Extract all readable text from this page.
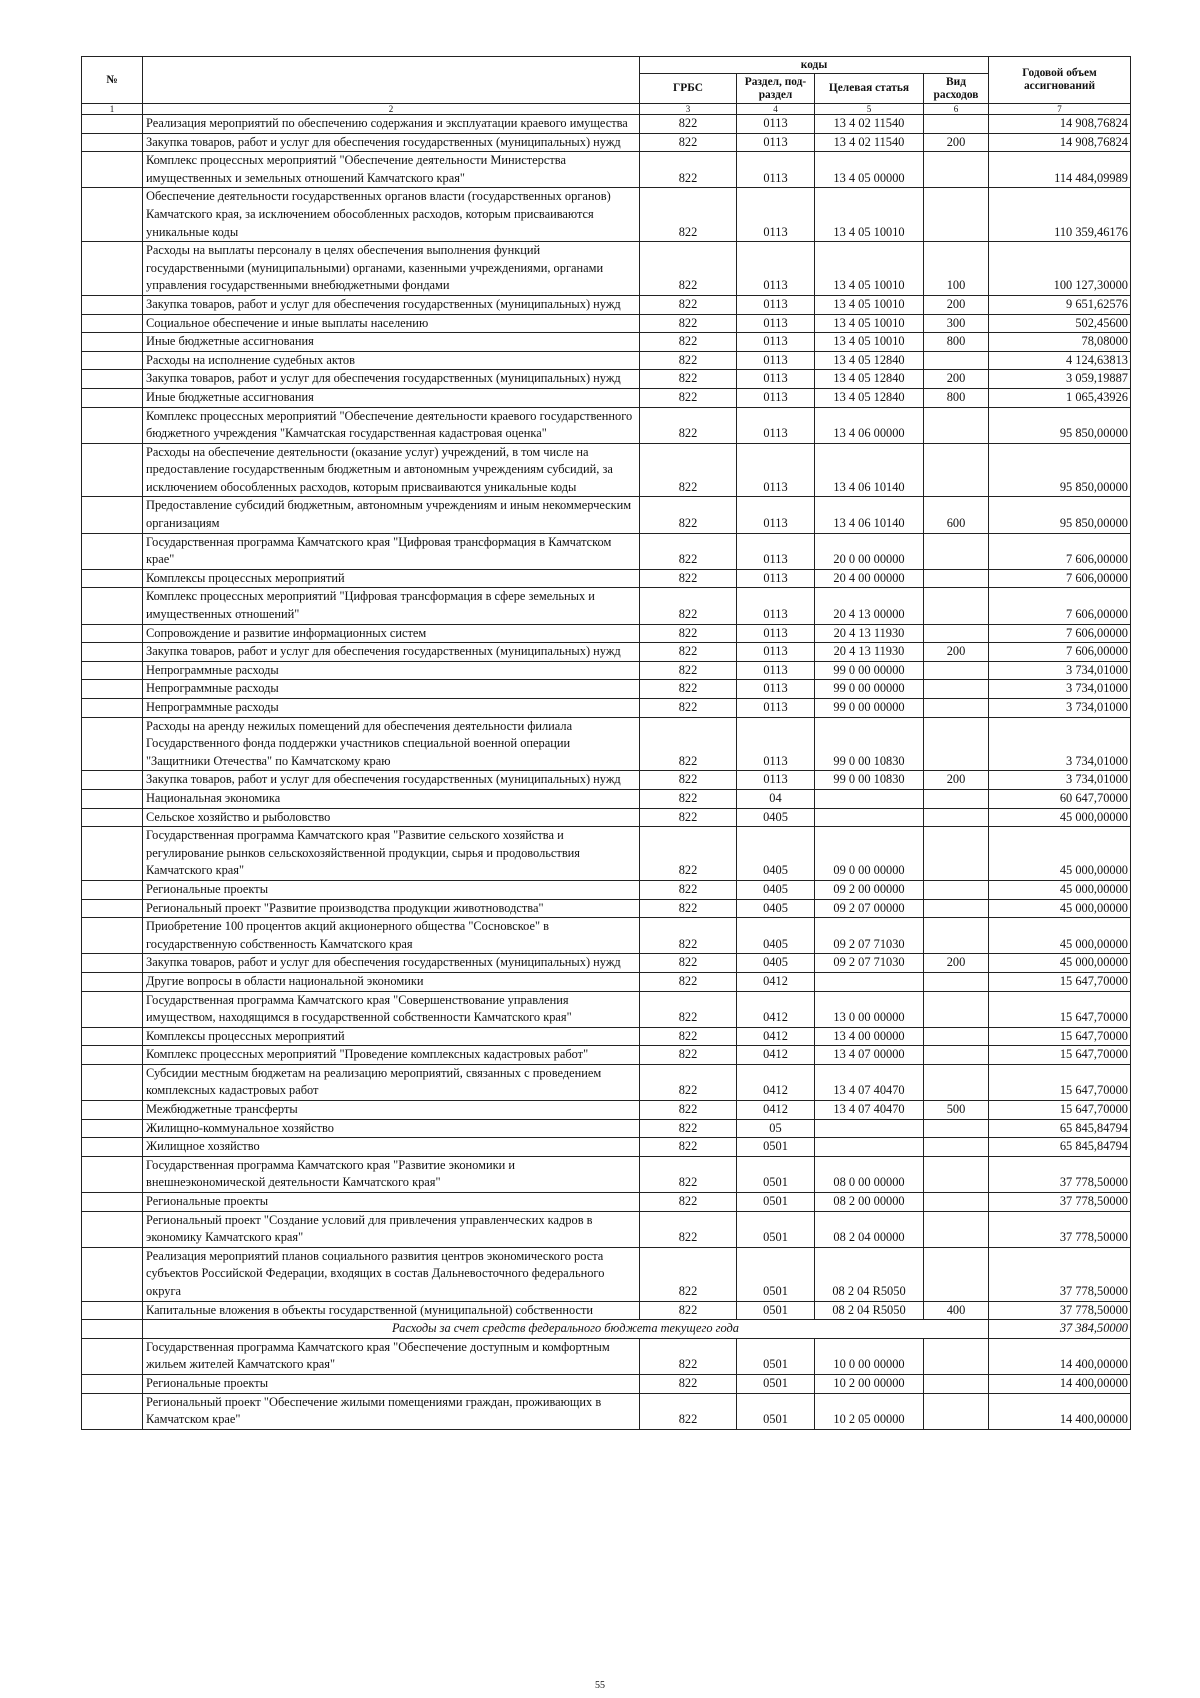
№		коды				Годовой объем ассигнований
		ГРБС	Раздел, под-раздел	Целевая статья	Вид расходов	
1	2	3	4	5	6	7
	Реализация мероприятий по обеспечению содержания и эксплуатации краевого имущества	822	0113	13 4 02 11540		14 908,76824
	Закупка товаров, работ и услуг для обеспечения государственных (муниципальных) нужд	822	0113	13 4 02 11540	200	14 908,76824
	Комплекс процессных мероприятий "Обеспечение деятельности Министерства имущественных и земельных отношений Камчатского края"	822	0113	13 4 05 00000		114 484,09989
	Обеспечение деятельности государственных органов власти (государственных органов) Камчатского края, за исключением обособленных расходов, которым присваиваются уникальные коды	822	0113	13 4 05 10010		110 359,46176
	Расходы на выплаты персоналу в целях обеспечения выполнения функций государственными (муниципальными) органами, казенными учреждениями, органами управления государственными внебюджетными фондами	822	0113	13 4 05 10010	100	100 127,30000
	Закупка товаров, работ и услуг для обеспечения государственных (муниципальных) нужд	822	0113	13 4 05 10010	200	9 651,62576
	Социальное обеспечение и иные выплаты населению	822	0113	13 4 05 10010	300	502,45600
	Иные бюджетные ассигнования	822	0113	13 4 05 10010	800	78,08000
	Расходы на исполнение судебных актов	822	0113	13 4 05 12840		4 124,63813
	Закупка товаров, работ и услуг для обеспечения государственных (муниципальных) нужд	822	0113	13 4 05 12840	200	3 059,19887
	Иные бюджетные ассигнования	822	0113	13 4 05 12840	800	1 065,43926
	Комплекс процессных мероприятий "Обеспечение деятельности краевого государственного бюджетного учреждения "Камчатская государственная кадастровая оценка"	822	0113	13 4 06 00000		95 850,00000
	Расходы на обеспечение деятельности (оказание услуг) учреждений, в том числе на предоставление государственным бюджетным и автономным учреждениям субсидий, за исключением обособленных расходов, которым присваиваются уникальные коды	822	0113	13 4 06 10140		95 850,00000
	Предоставление субсидий бюджетным, автономным учреждениям и иным некоммерческим организациям	822	0113	13 4 06 10140	600	95 850,00000
	Государственная программа Камчатского края "Цифровая трансформация в Камчатском крае"	822	0113	20 0 00 00000		7 606,00000
	Комплексы процессных мероприятий	822	0113	20 4 00 00000		7 606,00000
	Комплекс процессных мероприятий "Цифровая трансформация в сфере земельных и имущественных отношений"	822	0113	20 4 13 00000		7 606,00000
	Сопровождение и развитие информационных систем	822	0113	20 4 13 11930		7 606,00000
	Закупка товаров, работ и услуг для обеспечения государственных (муниципальных) нужд	822	0113	20 4 13 11930	200	7 606,00000
	Непрограммные расходы	822	0113	99 0 00 00000		3 734,01000
	Непрограммные расходы	822	0113	99 0 00 00000		3 734,01000
	Непрограммные расходы	822	0113	99 0 00 00000		3 734,01000
	Расходы на аренду нежилых помещений для обеспечения деятельности филиала Государственного фонда поддержки участников специальной военной операции "Защитники Отечества" по Камчатскому краю	822	0113	99 0 00 10830		3 734,01000
	Закупка товаров, работ и услуг для обеспечения государственных (муниципальных) нужд	822	0113	99 0 00 10830	200	3 734,01000
	Национальная экономика	822	04			60 647,70000
	Сельское хозяйство и рыболовство	822	0405			45 000,00000
	Государственная программа Камчатского края "Развитие сельского хозяйства и регулирование рынков сельскохозяйственной продукции, сырья и продовольствия Камчатского края"	822	0405	09 0 00 00000		45 000,00000
	Региональные проекты	822	0405	09 2 00 00000		45 000,00000
	Региональный проект "Развитие производства продукции животноводства"	822	0405	09 2 07 00000		45 000,00000
	Приобретение 100 процентов акций акционерного общества "Сосновское" в государственную собственность Камчатского края	822	0405	09 2 07 71030		45 000,00000
	Закупка товаров, работ и услуг для обеспечения государственных (муниципальных) нужд	822	0405	09 2 07 71030	200	45 000,00000
	Другие вопросы в области национальной экономики	822	0412			15 647,70000
	Государственная программа Камчатского края "Совершенствование управления имуществом, находящимся в государственной собственности Камчатского края"	822	0412	13 0 00 00000		15 647,70000
	Комплексы процессных мероприятий	822	0412	13 4 00 00000		15 647,70000
	Комплекс процессных мероприятий "Проведение комплексных кадастровых работ"	822	0412	13 4 07 00000		15 647,70000
	Субсидии местным бюджетам на реализацию мероприятий, связанных с проведением комплексных кадастровых работ	822	0412	13 4 07 40470		15 647,70000
	Межбюджетные трансферты	822	0412	13 4 07 40470	500	15 647,70000
	Жилищно-коммунальное хозяйство	822	05			65 845,84794
	Жилищное хозяйство	822	0501			65 845,84794
	Государственная программа Камчатского края "Развитие экономики и внешнеэкономической деятельности Камчатского края"	822	0501	08 0 00 00000		37 778,50000
	Региональные проекты	822	0501	08 2 00 00000		37 778,50000
	Региональный проект "Создание условий для привлечения управленческих кадров в экономику Камчатского края"	822	0501	08 2 04 00000		37 778,50000
	Реализация мероприятий планов социального развития центров экономического роста субъектов Российской Федерации, входящих в состав Дальневосточного федерального округа	822	0501	08 2 04 R5050		37 778,50000
	Капитальные вложения в объекты государственной (муниципальной) собственности	822	0501	08 2 04 R5050	400	37 778,50000
	Расходы за счет средств федерального бюджета текущего года					37 384,50000
	Государственная программа Камчатского края "Обеспечение доступным и комфортным жильем жителей Камчатского края"	822	0501	10 0 00 00000		14 400,00000
	Региональные проекты	822	0501	10 2 00 00000		14 400,00000
	Региональный проект "Обеспечение жилыми помещениями граждан, проживающих в Камчатском крае"	822	0501	10 2 05 00000		14 400,00000
55
